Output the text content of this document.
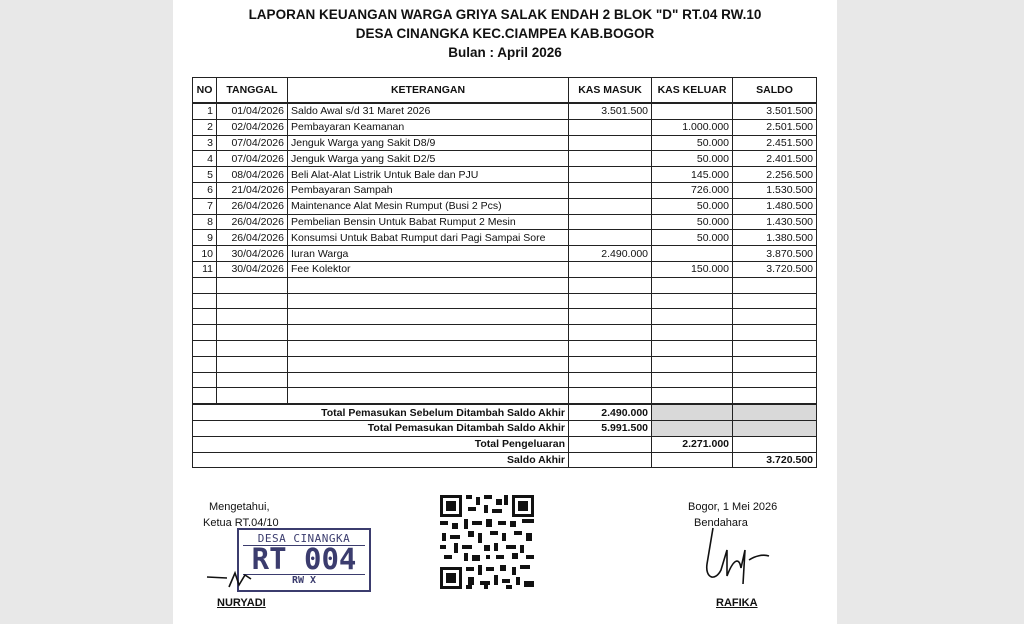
LAPORAN KEUANGAN WARGA GRIYA SALAK ENDAH 2 BLOK "D" RT.04 RW.10
DESA CINANGKA KEC.CIAMPEA KAB.BOGOR
Bulan : April 2026
NO	TANGGAL	KETERANGAN	KAS MASUK	KAS KELUAR	SALDO
1	01/04/2026	Saldo Awal s/d 31 Maret 2026	3.501.500		3.501.500
2	02/04/2026	Pembayaran Keamanan		1.000.000	2.501.500
3	07/04/2026	Jenguk Warga yang Sakit D8/9		50.000	2.451.500
4	07/04/2026	Jenguk Warga yang Sakit D2/5		50.000	2.401.500
5	08/04/2026	Beli Alat-Alat Listrik Untuk Bale dan PJU		145.000	2.256.500
6	21/04/2026	Pembayaran Sampah		726.000	1.530.500
7	26/04/2026	Maintenance Alat Mesin Rumput (Busi 2 Pcs)		50.000	1.480.500
8	26/04/2026	Pembelian Bensin Untuk Babat Rumput 2 Mesin		50.000	1.430.500
9	26/04/2026	Konsumsi Untuk Babat Rumput dari Pagi Sampai Sore		50.000	1.380.500
10	30/04/2026	Iuran Warga	2.490.000		3.870.500
11	30/04/2026	Fee Kolektor		150.000	3.720.500

Total Pemasukan Sebelum Ditambah Saldo Akhir			2.490.000		
Total Pemasukan Ditambah Saldo Akhir			5.991.500		
Total Pengeluaran				2.271.000	
Saldo Akhir					3.720.500
Mengetahui,
Ketua RT.04/10
NURYADI
DESA CINANGKA
RT 004
RW X
Bogor, 1 Mei 2026
Bendahara
RAFIKA
